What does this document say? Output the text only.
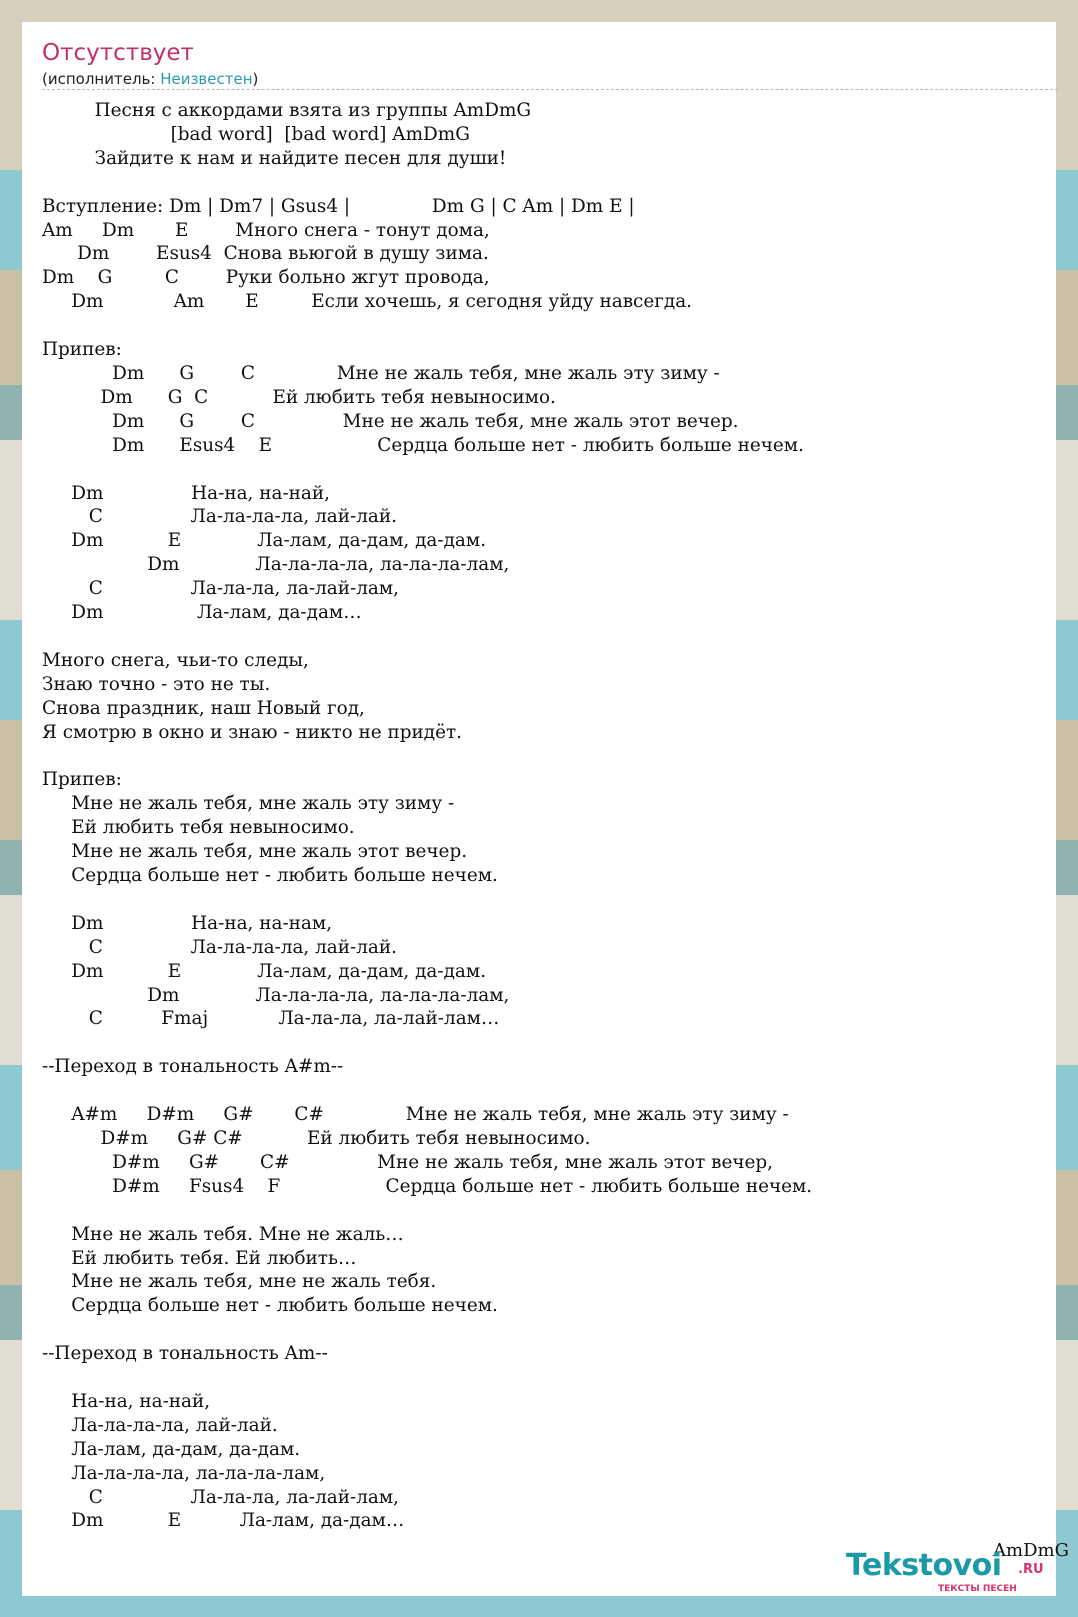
Отсутствует
(исполнитель: Неизвестен)
Песня с аккордами взята из группы AmDmG
[bad word]  [bad word] AmDmG
Зайдите к нам и найдите песен для души!

Вступление: Dm | Dm7 | Gsus4 |              Dm G | C Am | Dm E |
Am     Dm       E        Много снега - тонут дома,
Dm        Esus4  Снова вьюгой в душу зима.
Dm    G         C        Руки больно жгут провода,
Dm            Am       E         Если хочешь, я сегодня уйду навсегда.

Припев:
Dm      G        C              Мне не жаль тебя, мне жаль эту зиму -
Dm      G  C           Ей любить тебя невыносимо.
Dm      G        C               Мне не жаль тебя, мне жаль этот вечер.
Dm      Esus4    E                  Сердца больше нет - любить больше нечем.

Dm               На-на, на-най,
C               Ла-ла-ла-ла, лай-лай.
Dm           E             Ла-лам, да-дам, да-дам.
Dm             Ла-ла-ла-ла, ла-ла-ла-лам,
C               Ла-ла-ла, ла-лай-лам,
Dm                Ла-лам, да-дам…

Много снега, чьи-то следы,
Знаю точно - это не ты.
Снова праздник, наш Новый год,
Я смотрю в окно и знаю - никто не придёт.

Припев:
Мне не жаль тебя, мне жаль эту зиму -
Ей любить тебя невыносимо.
Мне не жаль тебя, мне жаль этот вечер.
Сердца больше нет - любить больше нечем.

Dm               На-на, на-нам,
C               Ла-ла-ла-ла, лай-лай.
Dm           E             Ла-лам, да-дам, да-дам.
Dm             Ла-ла-ла-ла, ла-ла-ла-лам,
C          Fmaj            Ла-ла-ла, ла-лай-лам…

--Переход в тональность A#m--

A#m     D#m     G#       C#              Мне не жаль тебя, мне жаль эту зиму -
D#m     G# C#           Ей любить тебя невыносимо.
D#m     G#       C#               Мне не жаль тебя, мне жаль этот вечер,
D#m     Fsus4    F                  Сердца больше нет - любить больше нечем.

Мне не жаль тебя. Мне не жаль…
Ей любить тебя. Ей любить…
Мне не жаль тебя, мне не жаль тебя.
Сердца больше нет - любить больше нечем.

--Переход в тональность Am--

На-на, на-най,
Ла-ла-ла-ла, лай-лай.
Ла-лам, да-дам, да-дам.
Ла-ла-ла-ла, ла-ла-ла-лам,
C               Ла-ла-ла, ла-лай-лам,
Dm           E          Ла-лам, да-дам…
AmDmG
Tekstovoi .RU
ТЕКСТЫ ПЕСЕН
